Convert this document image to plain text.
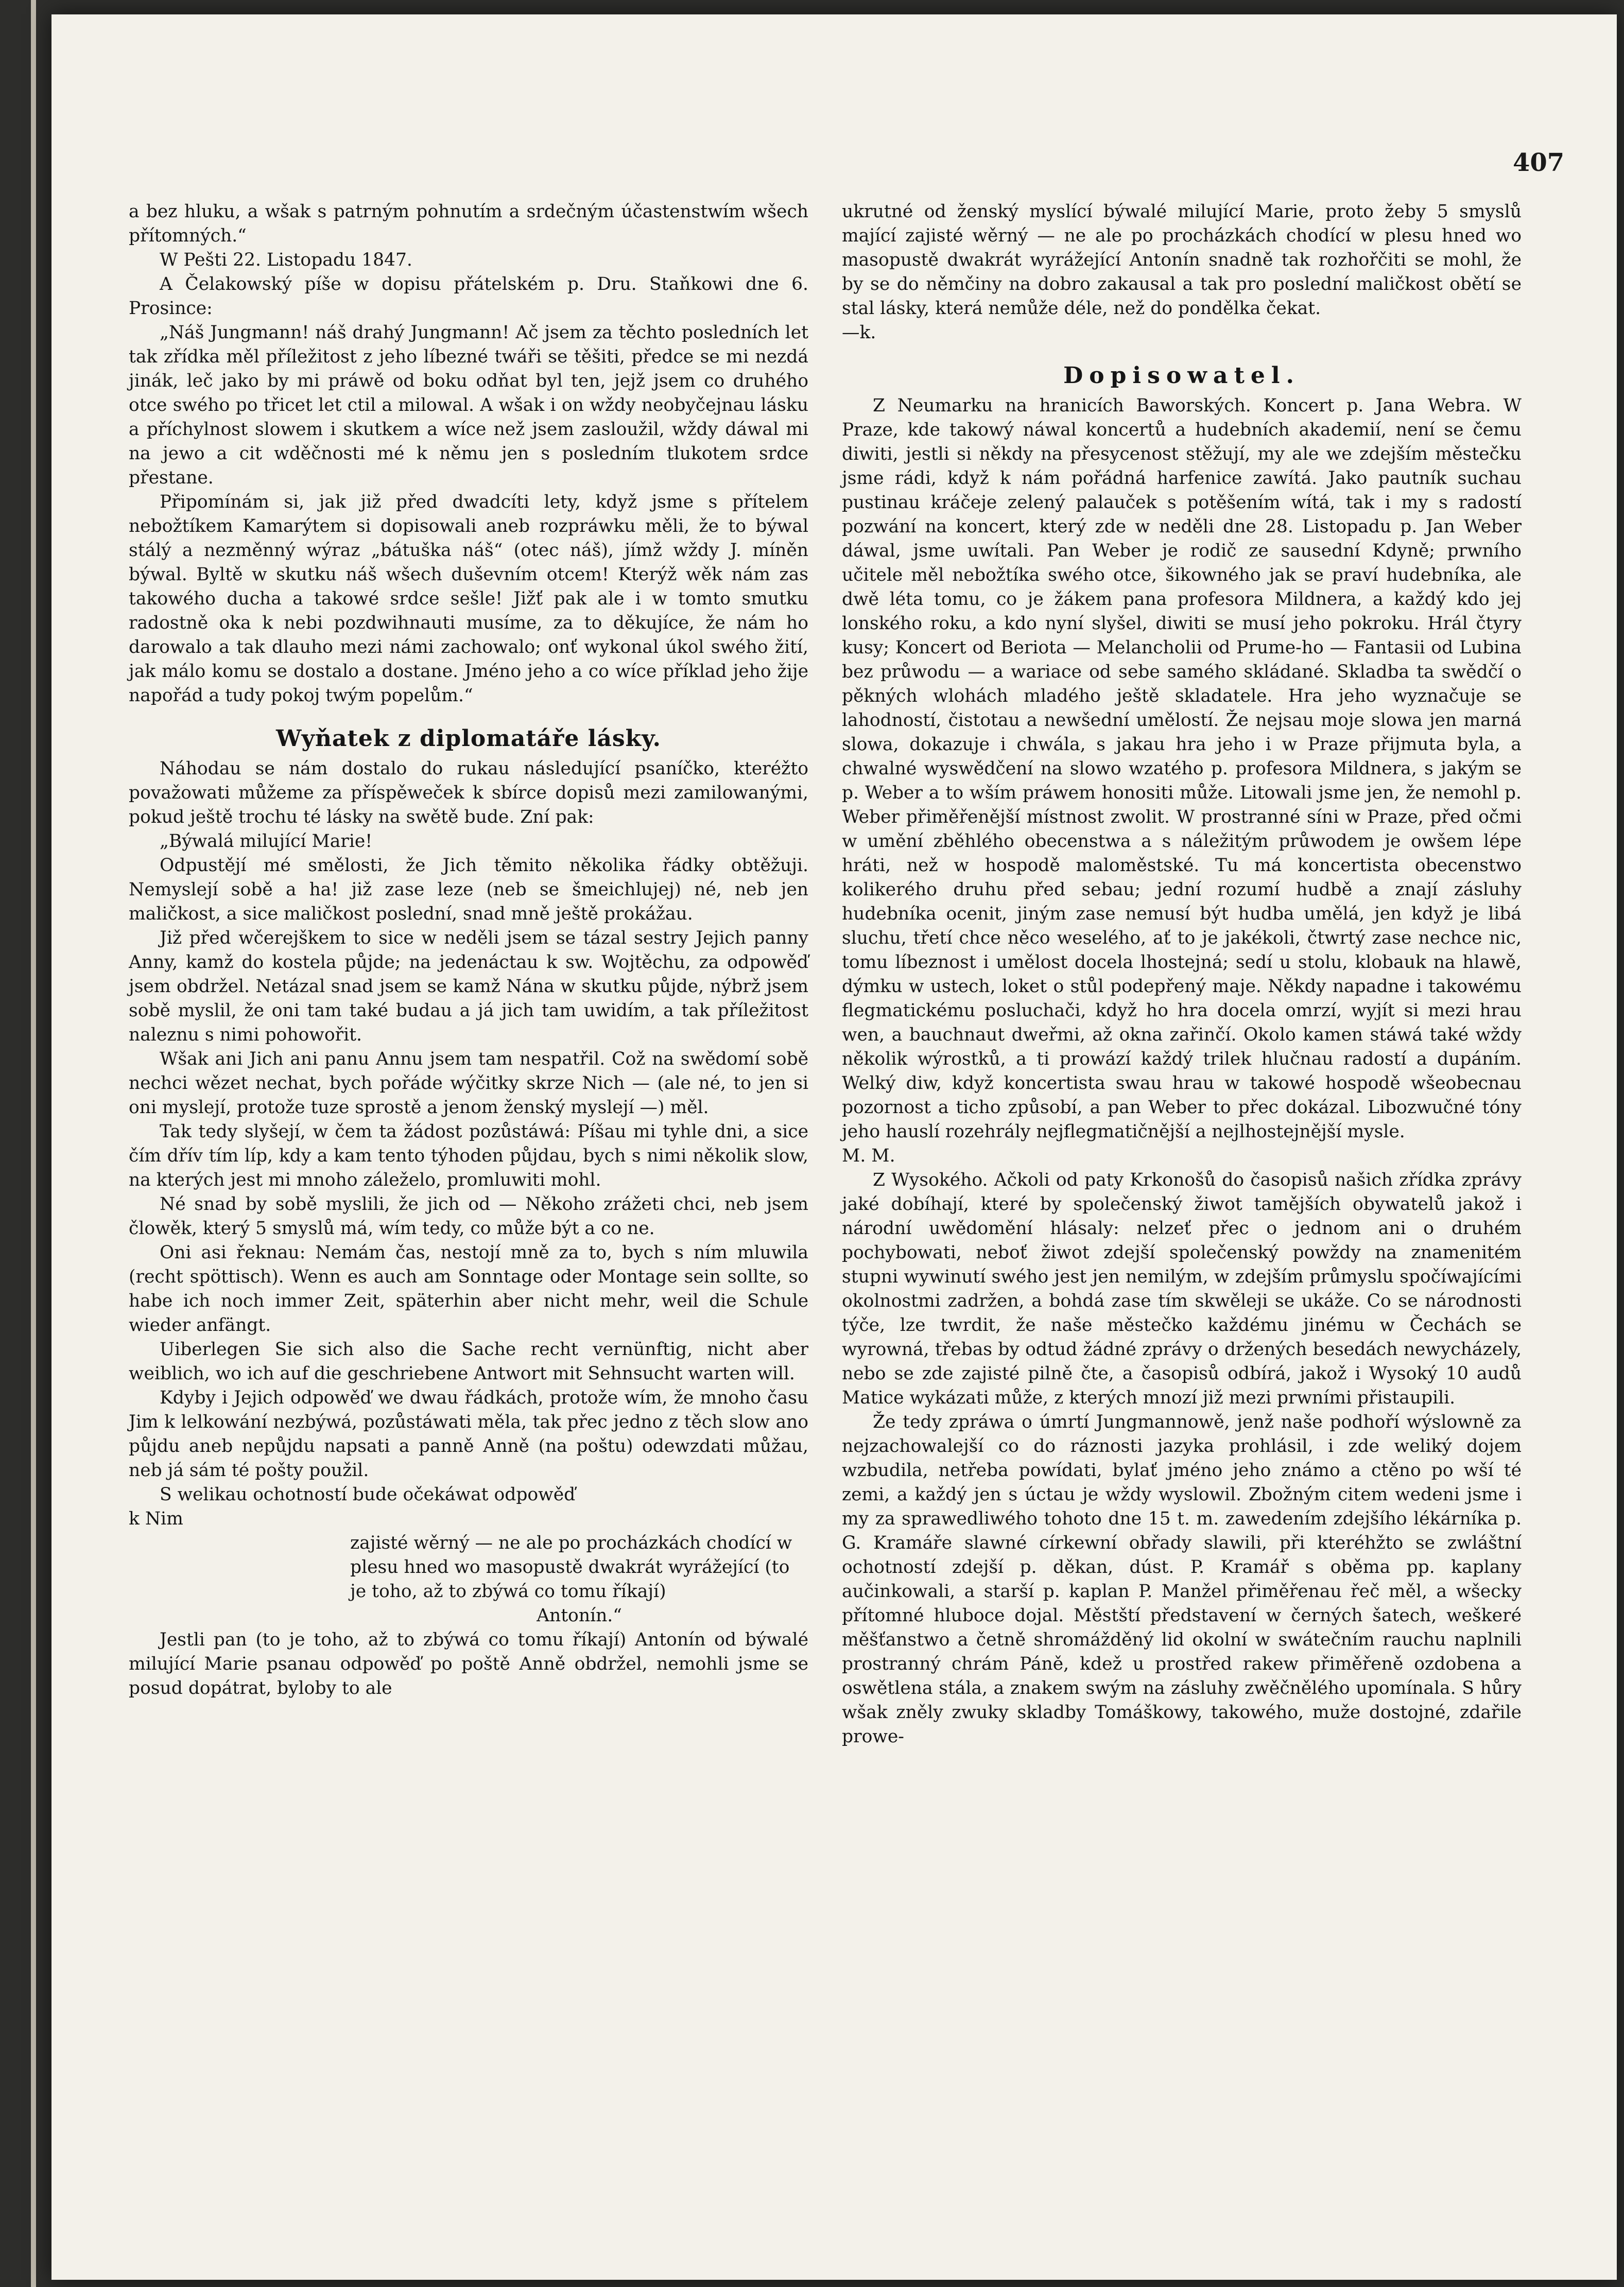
407

a bez hluku, a wšak s patrným pohnutím a srdečným účastenstwím wšech přítomných.“

W Pešti 22. Listopadu 1847.

A Čelakowský píše w dopisu přátelském p. Dru. Staňkowi dne 6. Prosince:

„Náš Jungmann! náš drahý Jungmann! Ač jsem za těchto posledních let tak zřídka měl příležitost z jeho líbezné twáři se těšiti, předce se mi nezdá jinák, leč jako by mi práwě od boku odňat byl ten, jejž jsem co druhého otce swého po třicet let ctil a milowal. A wšak i on wždy neobyčejnau lásku a příchylnost slowem i skutkem a wíce než jsem zasloužil, wždy dáwal mi na jewo a cit wděčnosti mé k němu jen s posledním tlukotem srdce přestane.

Připomínám si, jak již před dwadcíti lety, když jsme s přítelem nebožtíkem Kamarýtem si dopisowali aneb rozpráwku měli, že to býwal stálý a nezměnný wýraz „bátuška náš“ (otec náš), jímž wždy J. míněn býwal. Byltě w skutku náš wšech duševním otcem! Kterýž wěk nám zas takowého ducha a takowé srdce sešle! Jižť pak ale i w tomto smutku radostně oka k nebi pozdwihnauti musíme, za to děkujíce, že nám ho darowalo a tak dlauho mezi námi zachowalo; onť wykonal úkol swého žití, jak málo komu se dostalo a dostane. Jméno jeho a co wíce příklad jeho žije napořád a tudy pokoj twým popelům.“

Wyňatek z diplomatáře lásky.

Náhodau se nám dostalo do rukau následující psaníčko, kteréžto považowati můžeme za příspěweček k sbírce dopisů mezi zamilowanými, pokud ještě trochu té lásky na swětě bude. Zní pak:

„Býwalá milující Marie!

Odpustějí mé smělosti, že Jich těmito několika řádky obtěžuji. Nemyslejí sobě a ha! již zase leze (neb se šmeichlujej) né, neb jen maličkost, a sice maličkost poslední, snad mně ještě prokážau.

Již před wčerejškem to sice w neděli jsem se tázal sestry Jejich panny Anny, kamž do kostela půjde; na jedenáctau k sw. Wojtěchu, za odpowěď jsem obdržel. Netázal snad jsem se kamž Nána w skutku půjde, nýbrž jsem sobě myslil, že oni tam také budau a já jich tam uwidím, a tak příležitost naleznu s nimi pohowořit.

Wšak ani Jich ani panu Annu jsem tam nespatřil. Což na swědomí sobě nechci wězet nechat, bych pořáde wýčitky skrze Nich — (ale né, to jen si oni myslejí, protože tuze sprostě a jenom ženský myslejí —) měl.

Tak tedy slyšejí, w čem ta žádost pozůstáwá: Píšau mi tyhle dni, a sice čím dřív tím líp, kdy a kam tento týhoden půjdau, bych s nimi několik slow, na kterých jest mi mnoho záleželo, promluwiti mohl.

Né snad by sobě myslili, že jich od — Někoho zrážeti chci, neb jsem člowěk, který 5 smyslů má, wím tedy, co může být a co ne.

Oni asi řeknau: Nemám čas, nestojí mně za to, bych s ním mluwila (recht spöttisch). Wenn es auch am Sonntage oder Montage sein sollte, so habe ich noch immer Zeit, späterhin aber nicht mehr, weil die Schule wieder anfängt.

Uiberlegen Sie sich also die Sache recht vernünftig, nicht aber weiblich, wo ich auf die geschriebene Antwort mit Sehnsucht warten will.

Kdyby i Jejich odpowěď we dwau řádkách, protože wím, že mnoho času Jim k lelkowání nezbýwá, pozůstáwati měla, tak přec jedno z těch slow ano půjdu aneb nepůjdu napsati a panně Anně (na poštu) odewzdati můžau, neb já sám té pošty použil.

S welikau ochotností bude očekáwat odpowěď

k Nim

zajisté wěrný — ne ale po procházkách chodící w plesu hned wo masopustě dwakrát wyrážející (to je toho, až to zbýwá co tomu říkají)

Antonín.“

Jestli pan (to je toho, až to zbýwá co tomu říkají) Antonín od býwalé milující Marie psanau odpowěď po poště Anně obdržel, nemohli jsme se posud dopátrat, byloby to ale

ukrutné od ženský myslící býwalé milující Marie, proto žeby 5 smyslů mající zajisté wěrný — ne ale po procházkách chodící w plesu hned wo masopustě dwakrát wyrážející Antonín snadně tak rozhořčiti se mohl, že by se do němčiny na dobro zakausal a tak pro poslední maličkost obětí se stal lásky, která nemůže déle, než do pondělka čekat.

—k.

Dopisowatel.

Z Neumarku na hranicích Baworských. Koncert p. Jana Webra. W Praze, kde takowý náwal koncertů a hudebních akademií, není se čemu diwiti, jestli si někdy na přesycenost stěžují, my ale we zdejším městečku jsme rádi, když k nám pořádná harfenice zawítá. Jako pautník suchau pustinau kráčeje zelený palauček s potěšením wítá, tak i my s radostí pozwání na koncert, který zde w neděli dne 28. Listopadu p. Jan Weber dáwal, jsme uwítali. Pan Weber je rodič ze sausední Kdyně; prwního učitele měl nebožtíka swého otce, šikowného jak se praví hudebníka, ale dwě léta tomu, co je žákem pana profesora Mildnera, a každý kdo jej lonského roku, a kdo nyní slyšel, diwiti se musí jeho pokroku. Hrál čtyry kusy; Koncert od Beriota — Melancholii od Prume-ho — Fantasii od Lubina bez průwodu — a wariace od sebe samého skládané. Skladba ta swědčí o pěkných wlohách mladého ještě skladatele. Hra jeho wyznačuje se lahodností, čistotau a newšední umělostí. Že nejsau moje slowa jen marná slowa, dokazuje i chwála, s jakau hra jeho i w Praze přijmuta byla, a chwalné wyswědčení na slowo wzatého p. profesora Mildnera, s jakým se p. Weber a to wším práwem honositi může. Litowali jsme jen, že nemohl p. Weber přiměřenější místnost zwolit. W prostranné síni w Praze, před očmi w umění zběhlého obecenstwa a s náležitým průwodem je owšem lépe hráti, než w hospodě maloměstské. Tu má koncertista obecenstwo kolikerého druhu před sebau; jední rozumí hudbě a znají zásluhy hudebníka ocenit, jiným zase nemusí být hudba umělá, jen když je libá sluchu, třetí chce něco weselého, ať to je jakékoli, čtwrtý zase nechce nic, tomu líbeznost i umělost docela lhostejná; sedí u stolu, klobauk na hlawě, dýmku w ustech, loket o stůl podepřený maje. Někdy napadne i takowému flegmatickému posluchači, když ho hra docela omrzí, wyjít si mezi hrau wen, a bauchnaut dweřmi, až okna zařinčí. Okolo kamen stáwá také wždy několik wýrostků, a ti prowází každý trilek hlučnau radostí a dupáním. Welký diw, když koncertista swau hrau w takowé hospodě wšeobecnau pozornost a ticho způsobí, a pan Weber to přec dokázal. Libozwučné tóny jeho hauslí rozehrály nejflegmatičnější a nejlhostejnější mysle.

M. M.

Z Wysokého. Ačkoli od paty Krkonošů do časopisů našich zřídka zprávy jaké dobíhají, které by společenský žiwot tamějších obywatelů jakož i národní uwědomění hlásaly: nelzeť přec o jednom ani o druhém pochybowati, neboť žiwot zdejší společenský powždy na znamenitém stupni wywinutí swého jest jen nemilým, w zdejším průmyslu spočíwajícími okolnostmi zadržen, a bohdá zase tím skwěleji se ukáže. Co se národnosti týče, lze twrdit, že naše městečko každému jinému w Čechách se wyrowná, třebas by odtud žádné zprávy o držených besedách newycházely, nebo se zde zajisté pilně čte, a časopisů odbírá, jakož i Wysoký 10 audů Matice wykázati může, z kterých mnozí již mezi prwními přistaupili.

Že tedy zpráwa o úmrtí Jungmannowě, jenž naše podhoří wýslowně za nejzachowalejší co do ráznosti jazyka prohlásil, i zde weliký dojem wzbudila, netřeba powídati, bylať jméno jeho známo a ctěno po wší té zemi, a každý jen s úctau je wždy wyslowil. Zbožným citem wedeni jsme i my za sprawedliwého tohoto dne 15 t. m. zawedením zdejšího lékárníka p. G. Kramáře slawné církewní obřady slawili, při kteréhžto se zwláštní ochotností zdejší p. děkan, dúst. P. Kramář s oběma pp. kaplany aučinkowali, a starší p. kaplan P. Manžel přiměřenau řeč měl, a wšecky přítomné hluboce dojal. Městští představení w černých šatech, weškeré měšťanstwo a četně shromážděný lid okolní w swátečním rauchu naplnili prostranný chrám Páně, kdež u prostřed rakew přiměřeně ozdobena a oswětlena stála, a znakem swým na zásluhy zwěčnělého upomínala. S hůry wšak zněly zwuky skladby Tomáškowy, takowého, muže dostojné, zdařile prowe-
